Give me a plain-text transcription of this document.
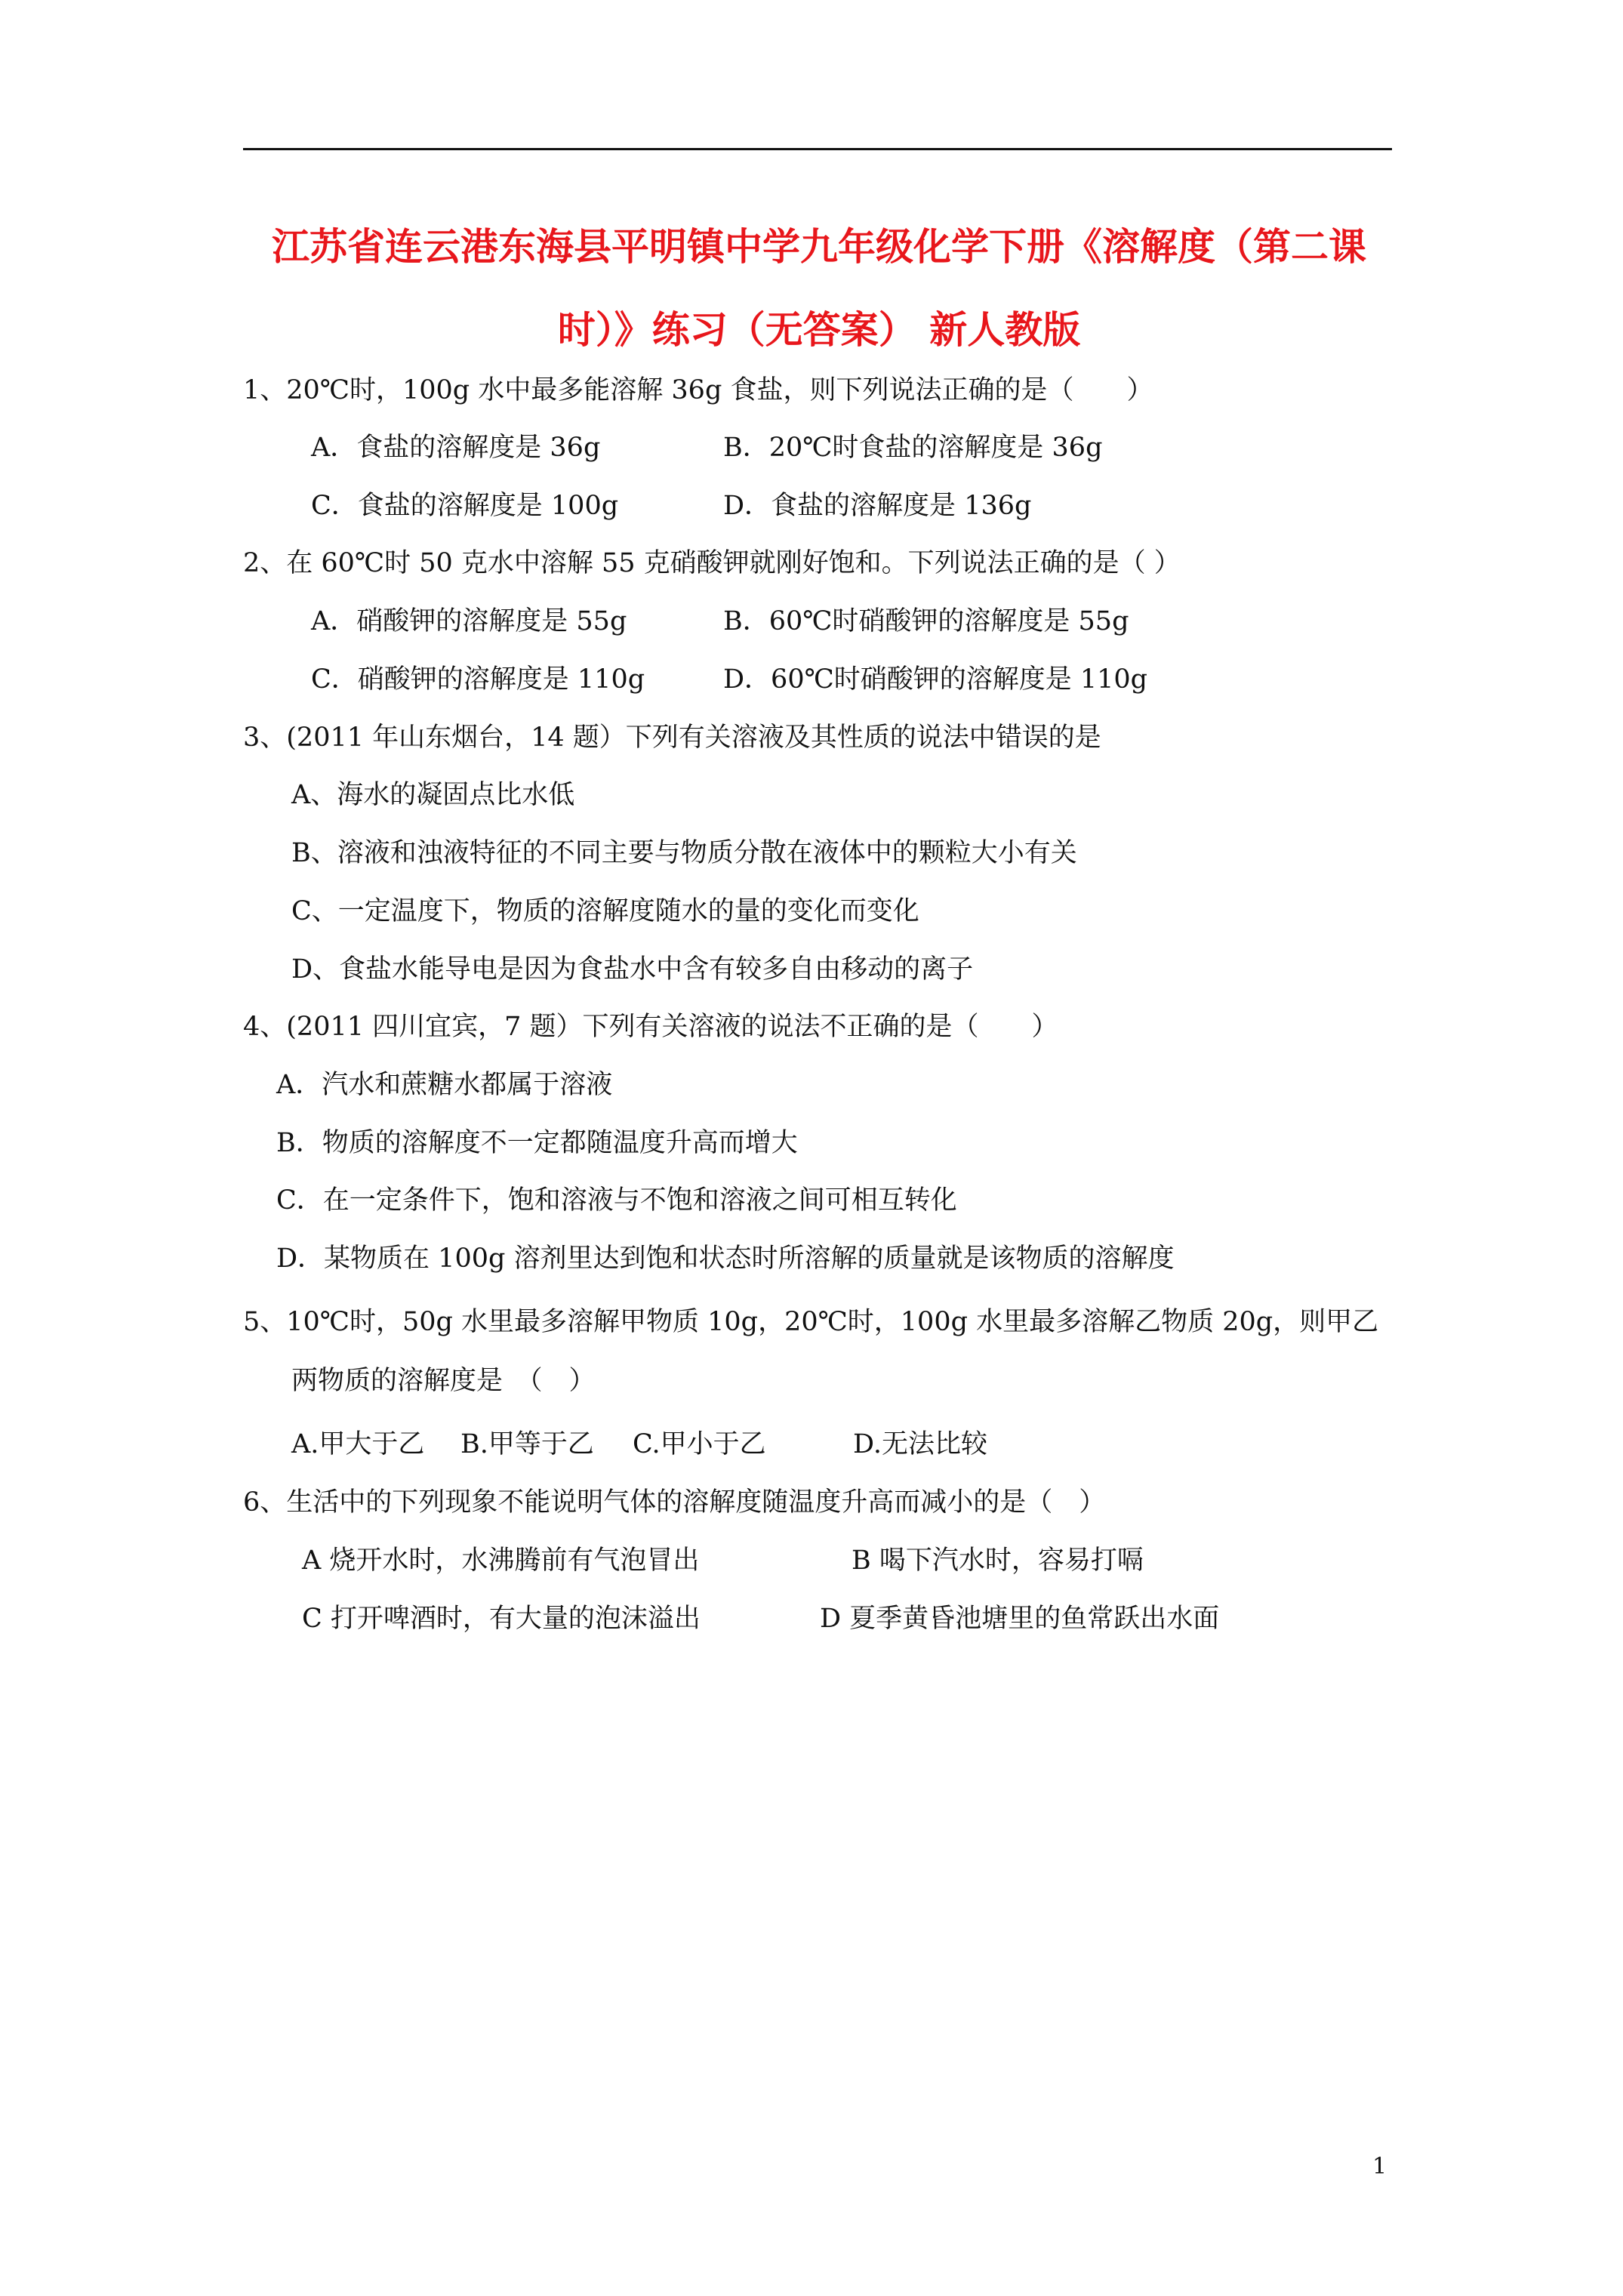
江苏省连云港东海县平明镇中学九年级化学下册《溶解度（第二课
时）》练习（无答案） 新人教版
1、20℃时，100g 水中最多能溶解 36g 食盐，则下列说法正确的是（　　）
A．食盐的溶解度是 36g	B．20℃时食盐的溶解度是 36g
C．食盐的溶解度是 100g	D．食盐的溶解度是 136g
2、在 60℃时 50 克水中溶解 55 克硝酸钾就刚好饱和。下列说法正确的是（ ）
A．硝酸钾的溶解度是 55g	B．60℃时硝酸钾的溶解度是 55g
C．硝酸钾的溶解度是 110g	D．60℃时硝酸钾的溶解度是 110g
3、(2011 年山东烟台，14 题）下列有关溶液及其性质的说法中错误的是
A、海水的凝固点比水低
B、溶液和浊液特征的不同主要与物质分散在液体中的颗粒大小有关
C、一定温度下，物质的溶解度随水的量的变化而变化
D、食盐水能导电是因为食盐水中含有较多自由移动的离子
4、(2011 四川宜宾，7 题）下列有关溶液的说法不正确的是（　　）
A．汽水和蔗糖水都属于溶液
B．物质的溶解度不一定都随温度升高而增大
C．在一定条件下，饱和溶液与不饱和溶液之间可相互转化
D．某物质在 100g 溶剂里达到饱和状态时所溶解的质量就是该物质的溶解度
5、10℃时，50g 水里最多溶解甲物质 10g，20℃时，100g 水里最多溶解乙物质 20g，则甲乙
两物质的溶解度是　（　）
A.甲大于乙 B.甲等于乙 C.甲小于乙	D.无法比较
6、生活中的下列现象不能说明气体的溶解度随温度升高而减小的是（　）
A 烧开水时，水沸腾前有气泡冒出	B 喝下汽水时，容易打嗝
C 打开啤酒时，有大量的泡沫溢出	D 夏季黄昏池塘里的鱼常跃出水面
1
